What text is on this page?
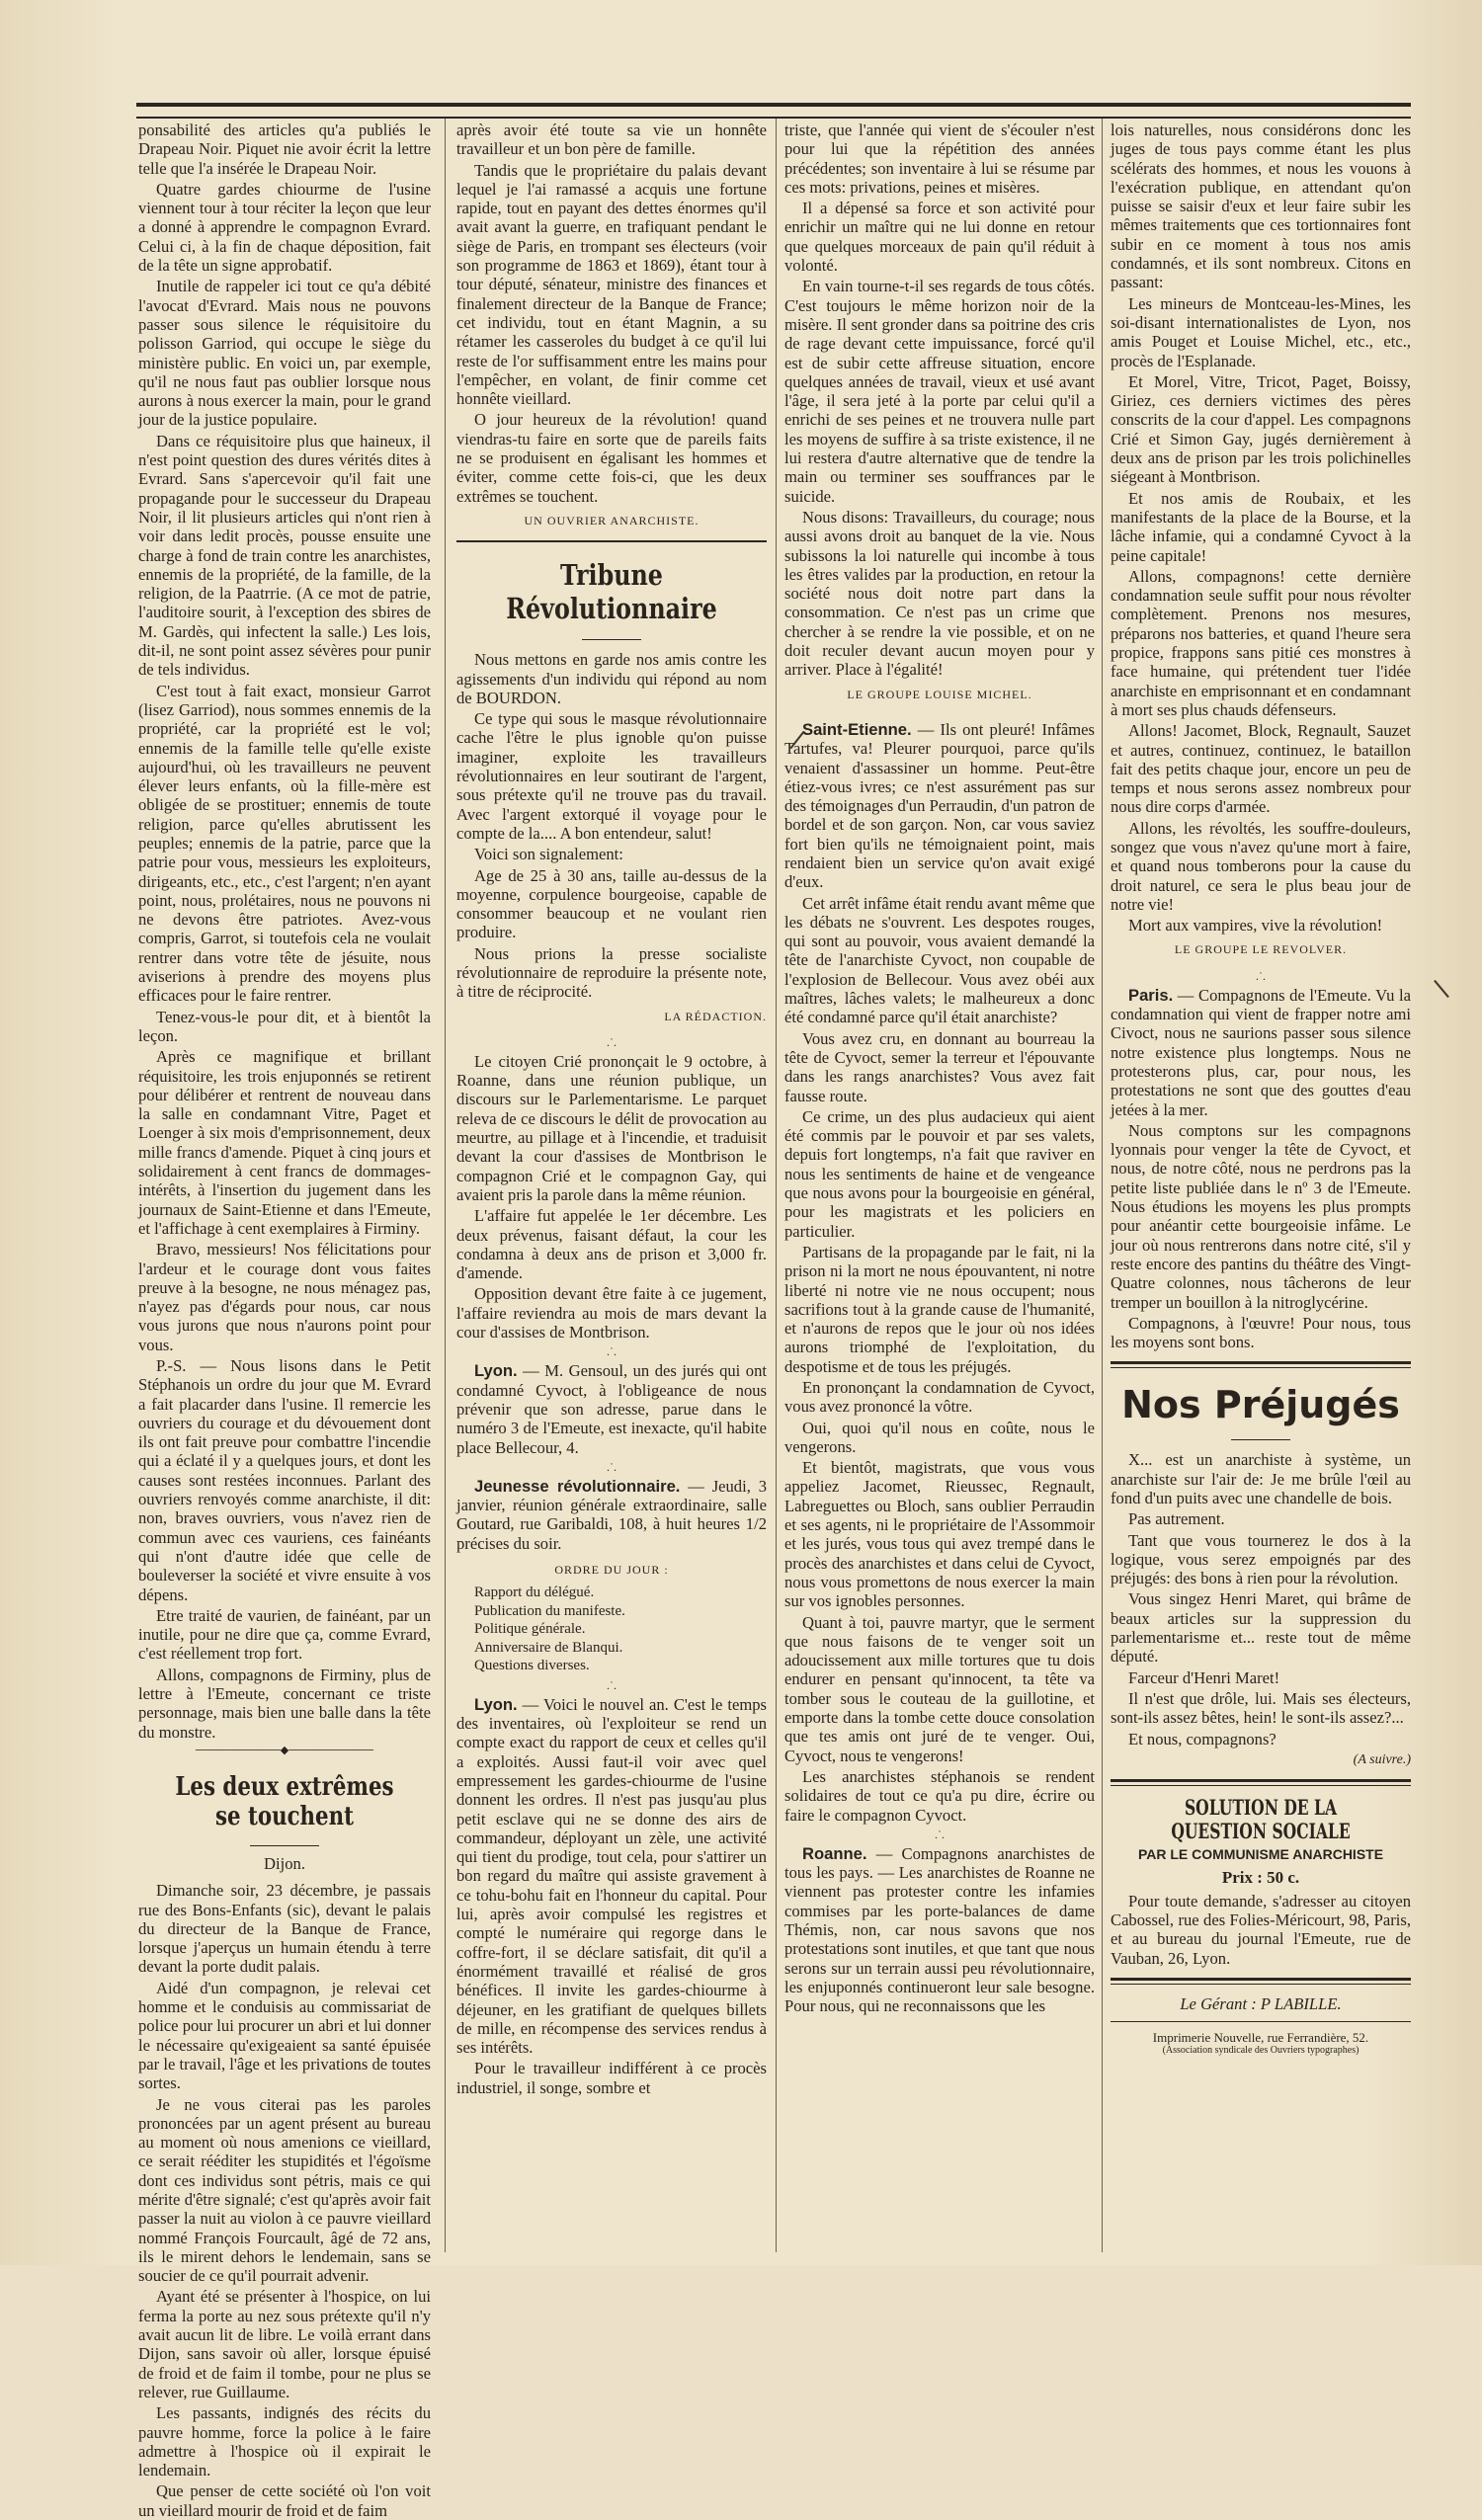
ponsabilité des articles qu'a publiés le Drapeau Noir. Piquet nie avoir écrit la lettre telle que l'a insérée le Drapeau Noir.

Quatre gardes chiourme de l'usine viennent tour à tour réciter la leçon que leur a donné à apprendre le compagnon Evrard. Celui ci, à la fin de chaque déposition, fait de la tête un signe approbatif.

Inutile de rappeler ici tout ce qu'a débité l'avocat d'Evrard. Mais nous ne pouvons passer sous silence le réquisitoire du polisson Garriod, qui occupe le siège du ministère public. En voici un, par exemple, qu'il ne nous faut pas oublier lorsque nous aurons à nous exercer la main, pour le grand jour de la justice populaire.

Dans ce réquisitoire plus que haineux, il n'est point question des dures vérités dites à Evrard. Sans s'apercevoir qu'il fait une propagande pour le successeur du Drapeau Noir, il lit plusieurs articles qui n'ont rien à voir dans ledit procès, pousse ensuite une charge à fond de train contre les anarchistes, ennemis de la propriété, de la famille, de la religion, de la Paatrrie. (A ce mot de patrie, l'auditoire sourit, à l'exception des sbires de M. Gardès, qui infectent la salle.) Les lois, dit-il, ne sont point assez sévères pour punir de tels individus.

C'est tout à fait exact, monsieur Garrot (lisez Garriod), nous sommes ennemis de la propriété, car la propriété est le vol; ennemis de la famille telle qu'elle existe aujourd'hui, où les travailleurs ne peuvent élever leurs enfants, où la fille-mère est obligée de se prostituer; ennemis de toute religion, parce qu'elles abrutissent les peuples; ennemis de la patrie, parce que la patrie pour vous, messieurs les exploiteurs, dirigeants, etc., etc., c'est l'argent; n'en ayant point, nous, prolétaires, nous ne pouvons ni ne devons être patriotes. Avez-vous compris, Garrot, si toutefois cela ne voulait rentrer dans votre tête de jésuite, nous aviserions à prendre des moyens plus efficaces pour le faire rentrer.

Tenez-vous-le pour dit, et à bientôt la leçon.

Après ce magnifique et brillant réquisitoire, les trois enjuponnés se retirent pour délibérer et rentrent de nouveau dans la salle en condamnant Vitre, Paget et Loenger à six mois d'emprisonnement, deux mille francs d'amende. Piquet à cinq jours et solidairement à cent francs de dommages-intérêts, à l'insertion du jugement dans les journaux de Saint-Etienne et dans l'Emeute, et l'affichage à cent exemplaires à Firminy.

Bravo, messieurs! Nos félicitations pour l'ardeur et le courage dont vous faites preuve à la besogne, ne nous ménagez pas, n'ayez pas d'égards pour nous, car nous vous jurons que nous n'aurons point pour vous.

P.-S. — Nous lisons dans le Petit Stéphanois un ordre du jour que M. Evrard a fait placarder dans l'usine. Il remercie les ouvriers du courage et du dévouement dont ils ont fait preuve pour combattre l'incendie qui a éclaté il y a quelques jours, et dont les causes sont restées inconnues. Parlant des ouvriers renvoyés comme anarchiste, il dit: non, braves ouvriers, vous n'avez rien de commun avec ces vauriens, ces fainéants qui n'ont d'autre idée que celle de bouleverser la société et vivre ensuite à vos dépens.

Etre traité de vaurien, de fainéant, par un inutile, pour ne dire que ça, comme Evrard, c'est réellement trop fort.

Allons, compagnons de Firminy, plus de lettre à l'Emeute, concernant ce triste personnage, mais bien une balle dans la tête du monstre.

───────────◆───────────
Les deux extrêmes se touchent
Dijon.

Dimanche soir, 23 décembre, je passais rue des Bons-Enfants (sic), devant le palais du directeur de la Banque de France, lorsque j'aperçus un humain étendu à terre devant la porte dudit palais.

Aidé d'un compagnon, je relevai cet homme et le conduisis au commissariat de police pour lui procurer un abri et lui donner le nécessaire qu'exigeaient sa santé épuisée par le travail, l'âge et les privations de toutes sortes.

Je ne vous citerai pas les paroles prononcées par un agent présent au bureau au moment où nous amenions ce vieillard, ce serait rééditer les stupidités et l'égoïsme dont ces individus sont pétris, mais ce qui mérite d'être signalé; c'est qu'après avoir fait passer la nuit au violon à ce pauvre vieillard nommé François Fourcault, âgé de 72 ans, ils le mirent dehors le lendemain, sans se soucier de ce qu'il pourrait advenir.

Ayant été se présenter à l'hospice, on lui ferma la porte au nez sous prétexte qu'il n'y avait aucun lit de libre. Le voilà errant dans Dijon, sans savoir où aller, lorsque épuisé de froid et de faim il tombe, pour ne plus se relever, rue Guillaume.

Les passants, indignés des récits du pauvre homme, force la police à le faire admettre à l'hospice où il expirait le lendemain.

Que penser de cette société où l'on voit un vieillard mourir de froid et de faim

après avoir été toute sa vie un honnête travailleur et un bon père de famille.

Tandis que le propriétaire du palais devant lequel je l'ai ramassé a acquis une fortune rapide, tout en payant des dettes énormes qu'il avait avant la guerre, en trafiquant pendant le siège de Paris, en trompant ses électeurs (voir son programme de 1863 et 1869), étant tour à tour député, sénateur, ministre des finances et finalement directeur de la Banque de France; cet individu, tout en étant Magnin, a su rétamer les casseroles du budget à ce qu'il lui reste de l'or suffisamment entre les mains pour l'empêcher, en volant, de finir comme cet honnête vieillard.

O jour heureux de la révolution! quand viendras-tu faire en sorte que de pareils faits ne se produisent en égalisant les hommes et éviter, comme cette fois-ci, que les deux extrêmes se touchent.

UN OUVRIER ANARCHISTE.
Tribune Révolutionnaire

Nous mettons en garde nos amis contre les agissements d'un individu qui répond au nom de BOURDON.

Ce type qui sous le masque révolutionnaire cache l'être le plus ignoble qu'on puisse imaginer, exploite les travailleurs révolutionnaires en leur soutirant de l'argent, sous prétexte qu'il ne trouve pas du travail. Avec l'argent extorqué il voyage pour le compte de la.... A bon entendeur, salut!

Voici son signalement:

Age de 25 à 30 ans, taille au-dessus de la moyenne, corpulence bourgeoise, capable de consommer beaucoup et ne voulant rien produire.

Nous prions la presse socialiste révolutionnaire de reproduire la présente note, à titre de réciprocité.

LA RÉDACTION.
.˙.

Le citoyen Crié prononçait le 9 octobre, à Roanne, dans une réunion publique, un discours sur le Parlementarisme. Le parquet releva de ce discours le délit de provocation au meurtre, au pillage et à l'incendie, et traduisit devant la cour d'assises de Montbrison le compagnon Crié et le compagnon Gay, qui avaient pris la parole dans la même réunion.

L'affaire fut appelée le 1er décembre. Les deux prévenus, faisant défaut, la cour les condamna à deux ans de prison et 3,000 fr. d'amende.

Opposition devant être faite à ce jugement, l'affaire reviendra au mois de mars devant la cour d'assises de Montbrison.

.˙.

Lyon. — M. Gensoul, un des jurés qui ont condamné Cyvoct, à l'obligeance de nous prévenir que son adresse, parue dans le numéro 3 de l'Emeute, est inexacte, qu'il habite place Bellecour, 4.

.˙.

Jeunesse révolutionnaire. — Jeudi, 3 janvier, réunion générale extraordinaire, salle Goutard, rue Garibaldi, 108, à huit heures 1/2 précises du soir.

ORDRE DU JOUR :
Rapport du délégué.
Publication du manifeste.
Politique générale.
Anniversaire de Blanqui.
Questions diverses.
.˙.

Lyon. — Voici le nouvel an. C'est le temps des inventaires, où l'exploiteur se rend un compte exact du rapport de ceux et celles qu'il a exploités. Aussi faut-il voir avec quel empressement les gardes-chiourme de l'usine donnent les ordres. Il n'est pas jusqu'au plus petit esclave qui ne se donne des airs de commandeur, déployant un zèle, une activité qui tient du prodige, tout cela, pour s'attirer un bon regard du maître qui assiste gravement à ce tohu-bohu fait en l'honneur du capital. Pour lui, après avoir compulsé les registres et compté le numéraire qui regorge dans le coffre-fort, il se déclare satisfait, dit qu'il a énormément travaillé et réalisé de gros bénéfices. Il invite les gardes-chiourme à déjeuner, en les gratifiant de quelques billets de mille, en récompense des services rendus à ses intérêts.

Pour le travailleur indifférent à ce procès industriel, il songe, sombre et

triste, que l'année qui vient de s'écouler n'est pour lui que la répétition des années précédentes; son inventaire à lui se résume par ces mots: privations, peines et misères.

Il a dépensé sa force et son activité pour enrichir un maître qui ne lui donne en retour que quelques morceaux de pain qu'il réduit à volonté.

En vain tourne-t-il ses regards de tous côtés. C'est toujours le même horizon noir de la misère. Il sent gronder dans sa poitrine des cris de rage devant cette impuissance, forcé qu'il est de subir cette affreuse situation, encore quelques années de travail, vieux et usé avant l'âge, il sera jeté à la porte par celui qu'il a enrichi de ses peines et ne trouvera nulle part les moyens de suffire à sa triste existence, il ne lui restera d'autre alternative que de tendre la main ou terminer ses souffrances par le suicide.

Nous disons: Travailleurs, du courage; nous aussi avons droit au banquet de la vie. Nous subissons la loi naturelle qui incombe à tous les êtres valides par la production, en retour la société nous doit notre part dans la consommation. Ce n'est pas un crime que chercher à se rendre la vie possible, et on ne doit reculer devant aucun moyen pour y arriver. Place à l'égalité!

LE GROUPE LOUISE MICHEL.

Saint-Etienne. — Ils ont pleuré! Infâmes Tartufes, va! Pleurer pourquoi, parce qu'ils venaient d'assassiner un homme. Peut-être étiez-vous ivres; ce n'est assurément pas sur des témoignages d'un Perraudin, d'un patron de bordel et de son garçon. Non, car vous saviez fort bien qu'ils ne témoignaient point, mais rendaient bien un service qu'on avait exigé d'eux.

Cet arrêt infâme était rendu avant même que les débats ne s'ouvrent. Les despotes rouges, qui sont au pouvoir, vous avaient demandé la tête de l'anarchiste Cyvoct, non coupable de l'explosion de Bellecour. Vous avez obéi aux maîtres, lâches valets; le malheureux a donc été condamné parce qu'il était anarchiste?

Vous avez cru, en donnant au bourreau la tête de Cyvoct, semer la terreur et l'épouvante dans les rangs anarchistes? Vous avez fait fausse route.

Ce crime, un des plus audacieux qui aient été commis par le pouvoir et par ses valets, depuis fort longtemps, n'a fait que raviver en nous les sentiments de haine et de vengeance que nous avons pour la bourgeoisie en général, pour les magistrats et les policiers en particulier.

Partisans de la propagande par le fait, ni la prison ni la mort ne nous épouvantent, ni notre liberté ni notre vie ne nous occupent; nous sacrifions tout à la grande cause de l'humanité, et n'aurons de repos que le jour où nos idées aurons triomphé de l'exploitation, du despotisme et de tous les préjugés.

En prononçant la condamnation de Cyvoct, vous avez prononcé la vôtre.

Oui, quoi qu'il nous en coûte, nous le vengerons.

Et bientôt, magistrats, que vous vous appeliez Jacomet, Rieussec, Regnault, Labreguettes ou Bloch, sans oublier Perraudin et ses agents, ni le propriétaire de l'Assommoir et les jurés, vous tous qui avez trempé dans le procès des anarchistes et dans celui de Cyvoct, nous vous promettons de nous exercer la main sur vos ignobles personnes.

Quant à toi, pauvre martyr, que le serment que nous faisons de te venger soit un adoucissement aux mille tortures que tu dois endurer en pensant qu'innocent, ta tête va tomber sous le couteau de la guillotine, et emporte dans la tombe cette douce consolation que tes amis ont juré de te venger. Oui, Cyvoct, nous te vengerons!

Les anarchistes stéphanois se rendent solidaires de tout ce qu'a pu dire, écrire ou faire le compagnon Cyvoct.

.˙.

Roanne. — Compagnons anarchistes de tous les pays. — Les anarchistes de Roanne ne viennent pas protester contre les infamies commises par les porte-balances de dame Thémis, non, car nous savons que nos protestations sont inutiles, et que tant que nous serons sur un terrain aussi peu révolutionnaire, les enjuponnés continueront leur sale besogne. Pour nous, qui ne reconnaissons que les

lois naturelles, nous considérons donc les juges de tous pays comme étant les plus scélérats des hommes, et nous les vouons à l'exécration publique, en attendant qu'on puisse se saisir d'eux et leur faire subir les mêmes traitements que ces tortionnaires font subir en ce moment à tous nos amis condamnés, et ils sont nombreux. Citons en passant:

Les mineurs de Montceau-les-Mines, les soi-disant internationalistes de Lyon, nos amis Pouget et Louise Michel, etc., etc., procès de l'Esplanade.

Et Morel, Vitre, Tricot, Paget, Boissy, Giriez, ces derniers victimes des pères conscrits de la cour d'appel. Les compagnons Crié et Simon Gay, jugés dernièrement à deux ans de prison par les trois polichinelles siégeant à Montbrison.

Et nos amis de Roubaix, et les manifestants de la place de la Bourse, et la lâche infamie, qui a condamné Cyvoct à la peine capitale!

Allons, compagnons! cette dernière condamnation seule suffit pour nous révolter complètement. Prenons nos mesures, préparons nos batteries, et quand l'heure sera propice, frappons sans pitié ces monstres à face humaine, qui prétendent tuer l'idée anarchiste en emprisonnant et en condamnant à mort ses plus chauds défenseurs.

Allons! Jacomet, Block, Regnault, Sauzet et autres, continuez, continuez, le bataillon fait des petits chaque jour, encore un peu de temps et nous serons assez nombreux pour nous dire corps d'armée.

Allons, les révoltés, les souffre-douleurs, songez que vous n'avez qu'une mort à faire, et quand nous tomberons pour la cause du droit naturel, ce sera le plus beau jour de notre vie!

Mort aux vampires, vive la révolution!

LE GROUPE LE REVOLVER.
.˙.

Paris. — Compagnons de l'Emeute. Vu la condamnation qui vient de frapper notre ami Civoct, nous ne saurions passer sous silence notre existence plus longtemps. Nous ne protesterons plus, car, pour nous, les protestations ne sont que des gouttes d'eau jetées à la mer.

Nous comptons sur les compagnons lyonnais pour venger la tête de Cyvoct, et nous, de notre côté, nous ne perdrons pas la petite liste publiée dans le nº 3 de l'Emeute. Nous étudions les moyens les plus prompts pour anéantir cette bourgeoisie infâme. Le jour où nous rentrerons dans notre cité, s'il y reste encore des pantins du théâtre des Vingt-Quatre colonnes, nous tâcherons de leur tremper un bouillon à la nitroglycérine.

Compagnons, à l'œuvre! Pour nous, tous les moyens sont bons.

Nos Préjugés

X... est un anarchiste à système, un anarchiste sur l'air de: Je me brûle l'œil au fond d'un puits avec une chandelle de bois.

Pas autrement.

Tant que vous tournerez le dos à la logique, vous serez empoignés par des préjugés: des bons à rien pour la révolution.

Vous singez Henri Maret, qui brâme de beaux articles sur la suppression du parlementarisme et... reste tout de même député.

Farceur d'Henri Maret!

Il n'est que drôle, lui. Mais ses électeurs, sont-ils assez bêtes, hein! le sont-ils assez?...

Et nous, compagnons?

(A suivre.)
SOLUTION DE LA QUESTION SOCIALE
PAR LE COMMUNISME ANARCHISTE
Prix : 50 c.

Pour toute demande, s'adresser au citoyen Cabossel, rue des Folies-Méricourt, 98, Paris, et au bureau du journal l'Emeute, rue de Vauban, 26, Lyon.

Le Gérant : P LABILLE.
Imprimerie Nouvelle, rue Ferrandière, 52.
(Association syndicale des Ouvriers typographes)
